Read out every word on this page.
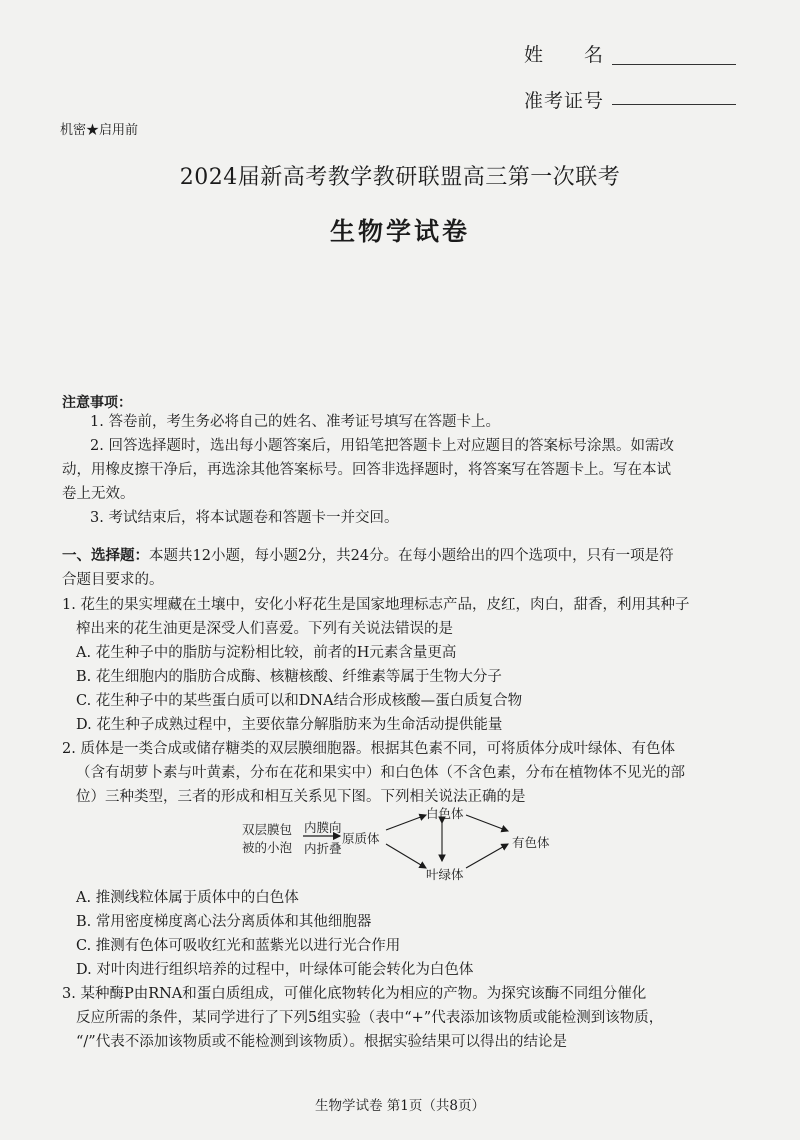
姓　　名
准考证号
机密★启用前
2024届新高考教学教研联盟高三第一次联考
生物学试卷
注意事项：
1. 答卷前，考生务必将自己的姓名、准考证号填写在答题卡上。
2. 回答选择题时，选出每小题答案后，用铅笔把答题卡上对应题目的答案标号涂黑。如需改
动，用橡皮擦干净后，再选涂其他答案标号。回答非选择题时，将答案写在答题卡上。写在本试
卷上无效。
3. 考试结束后，将本试题卷和答题卡一并交回。
一、选择题：本题共12小题，每小题2分，共24分。在每小题给出的四个选项中，只有一项是符
合题目要求的。
1. 花生的果实埋藏在土壤中，安化小籽花生是国家地理标志产品，皮红，肉白，甜香，利用其种子
榨出来的花生油更是深受人们喜爱。下列有关说法错误的是
A. 花生种子中的脂肪与淀粉相比较，前者的H元素含量更高
B. 花生细胞内的脂肪合成酶、核糖核酸、纤维素等属于生物大分子
C. 花生种子中的某些蛋白质可以和DNA结合形成核酸—蛋白质复合物
D. 花生种子成熟过程中，主要依靠分解脂肪来为生命活动提供能量
2. 质体是一类合成或储存糖类的双层膜细胞器。根据其色素不同，可将质体分成叶绿体、有色体
（含有胡萝卜素与叶黄素，分布在花和果实中）和白色体（不含色素，分布在植物体不见光的部
位）三种类型，三者的形成和相互关系见下图。下列相关说法正确的是
双层膜包
被的小泡
内膜向
内折叠
原质体
白色体
有色体
叶绿体
A. 推测线粒体属于质体中的白色体
B. 常用密度梯度离心法分离质体和其他细胞器
C. 推测有色体可吸收红光和蓝紫光以进行光合作用
D. 对叶肉进行组织培养的过程中，叶绿体可能会转化为白色体
3. 某种酶P由RNA和蛋白质组成，可催化底物转化为相应的产物。为探究该酶不同组分催化
反应所需的条件，某同学进行了下列5组实验（表中“+”代表添加该物质或能检测到该物质，
“/”代表不添加该物质或不能检测到该物质）。根据实验结果可以得出的结论是
生物学试卷 第1页（共8页）
